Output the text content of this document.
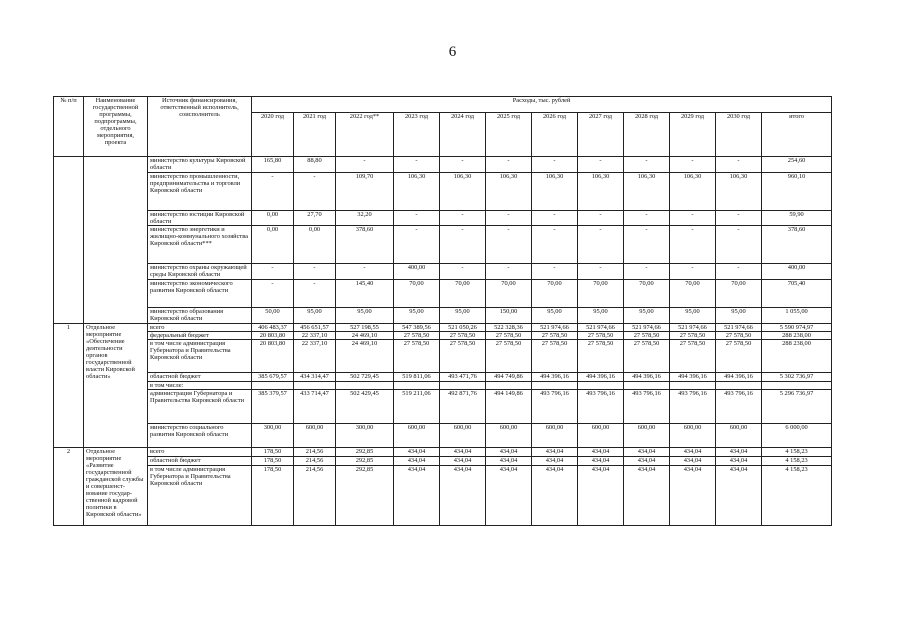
6
№ п/п	Наименование государственной программы, подпрограммы, отдельного мероприятия, проекта	Источник финансирования, ответственный исполнитель, соисполнитель	Расходы, тыс. рублей											
			2020 год	2021 год	2022 год**	2023 год	2024 год	2025 год	2026 год	2027 год	2028 год	2029 год	2030 год	итого
		министерство культуры Кировской области	165,80	88,80	-	-	-	-	-	-	-	-	-	254,60
		министерство промышленности, предпринимательства и торговли Кировской области	-	-	109,70	106,30	106,30	106,30	106,30	106,30	106,30	106,30	106,30	960,10
		министерство юстиции Кировской области	0,00	27,70	32,20	-	-	-	-	-	-	-	-	59,90
		министерство энергетики и жилищно-коммунального хозяйства Кировской области***	0,00	0,00	378,60	-	-	-	-	-	-	-	-	378,60
		министерство охраны окружающей среды Кировской области	-	-	-	400,00	-	-	-	-	-	-	-	400,00
		министерство экономического развития Кировской области	-	-	145,40	70,00	70,00	70,00	70,00	70,00	70,00	70,00	70,00	705,40
		министерство образования Кировской области	50,00	95,00	95,00	95,00	95,00	150,00	95,00	95,00	95,00	95,00	95,00	1 055,00
1	Отдельное мероприятие «Обеспечение деятельности органов государственной власти Кировской области»	всего	406 483,37	456 651,57	527 198,55	547 389,56	521 050,26	522 328,36	521 974,66	521 974,66	521 974,66	521 974,66	521 974,66	5 590 974,97
		федеральный бюджет	20 803,80	22 337,10	24 469,10	27 578,50	27 578,50	27 578,50	27 578,50	27 578,50	27 578,50	27 578,50	27 578,50	288 238,00
		в том числе администрация Губернатора и Правительства Кировской области	20 803,80	22 337,10	24 469,10	27 578,50	27 578,50	27 578,50	27 578,50	27 578,50	27 578,50	27 578,50	27 578,50	288 238,00
		областной бюджет	385 679,57	434 314,47	502 729,45	519 811,06	493 471,76	494 749,86	494 396,16	494 396,16	494 396,16	494 396,16	494 396,16	5 302 736,97
		в том числе:												
		администрация Губернатора и Правительства Кировской области	385 379,57	433 714,47	502 429,45	519 211,06	492 871,76	494 149,86	493 796,16	493 796,16	493 796,16	493 796,16	493 796,16	5 296 736,97
		министерство социального развития Кировской области	300,00	600,00	300,00	600,00	600,00	600,00	600,00	600,00	600,00	600,00	600,00	6 000,00
2	Отдельное мероприятие «Развитие государственной гражданской службы и совершенст-вование государ-ственной кадровой политики в Кировской области»	всего	178,50	214,56	292,85	434,04	434,04	434,04	434,04	434,04	434,04	434,04	434,04	4 158,23
		областной бюджет	178,50	214,56	292,85	434,04	434,04	434,04	434,04	434,04	434,04	434,04	434,04	4 158,23
		в том числе администрация Губернатора и Правительства Кировской области	178,50	214,56	292,85	434,04	434,04	434,04	434,04	434,04	434,04	434,04	434,04	4 158,23
